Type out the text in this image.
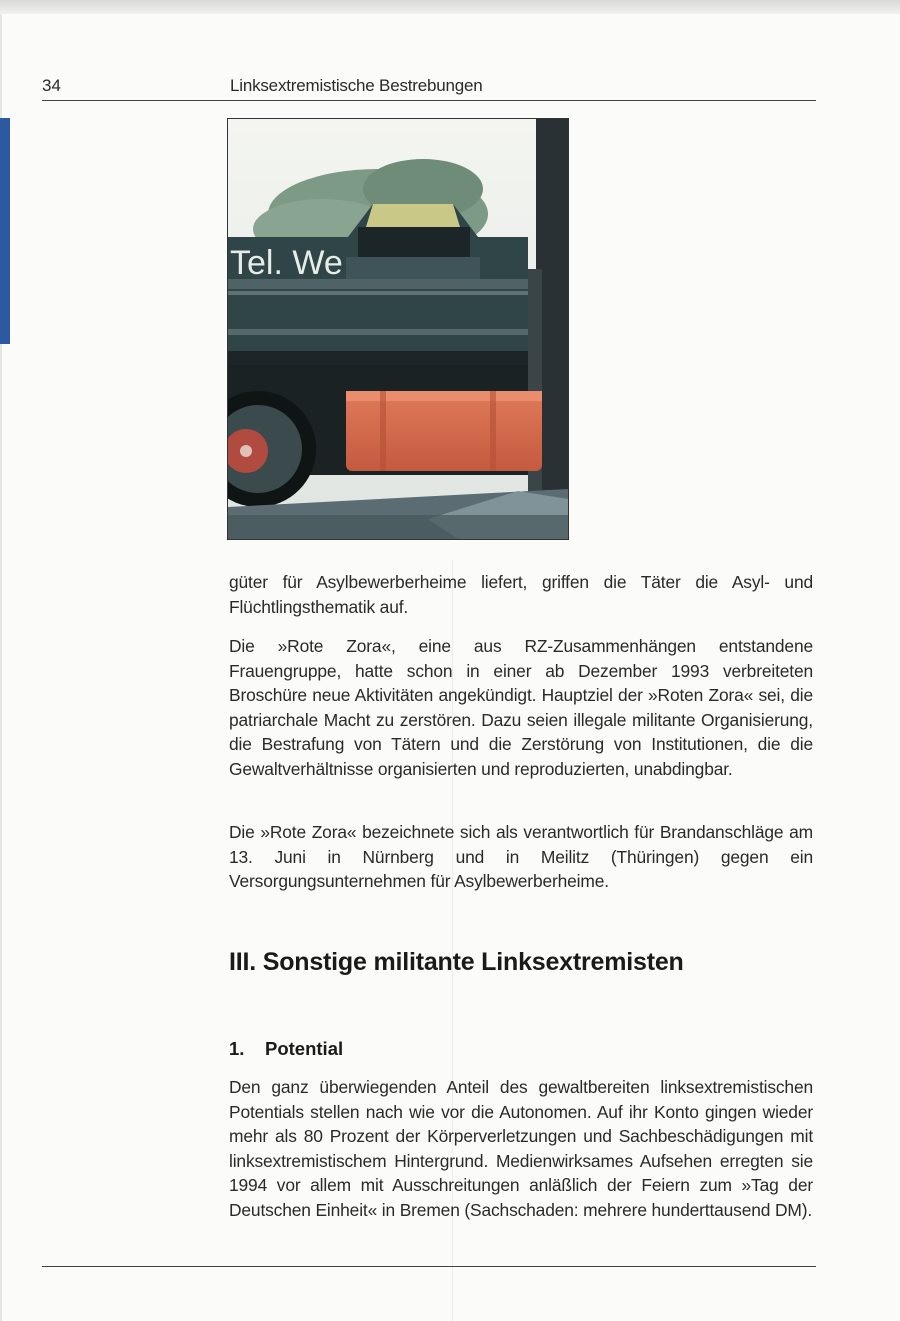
34	Linksextremistische Bestrebungen
Tel. We

güter für Asylbewerberheime liefert, griffen die Täter die Asyl- und Flüchtlingsthematik auf.

Die »Rote Zora«, eine aus RZ-Zusammenhängen entstandene Frauengruppe, hatte schon in einer ab Dezember 1993 verbreiteten Broschüre neue Aktivitäten angekündigt. Hauptziel der »Roten Zora« sei, die patriarchale Macht zu zerstören. Dazu seien illegale militante Organisierung, die Bestrafung von Tätern und die Zerstörung von Institutionen, die die Gewaltverhältnisse organisierten und reproduzierten, unabdingbar.

Die »Rote Zora« bezeichnete sich als verantwortlich für Brandanschläge am 13. Juni in Nürnberg und in Meilitz (Thüringen) gegen ein Versorgungsunternehmen für Asylbewerberheime.

III. Sonstige militante Linksextremisten
1. Potential

Den ganz überwiegenden Anteil des gewaltbereiten linksextremistischen Potentials stellen nach wie vor die Autonomen. Auf ihr Konto gingen wieder mehr als 80 Prozent der Körperverletzungen und Sachbeschädigungen mit linksextremistischem Hintergrund. Medienwirksames Aufsehen erregten sie 1994 vor allem mit Ausschreitungen anläßlich der Feiern zum »Tag der Deutschen Einheit« in Bremen (Sachschaden: mehrere hunderttausend DM).
